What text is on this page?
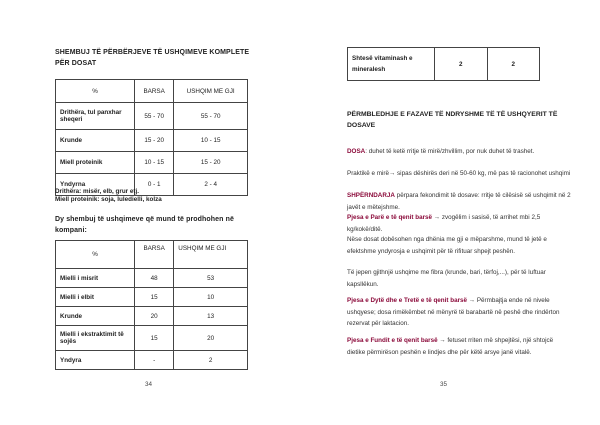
SHEMBUJ TË PËRBËRJEVE TË USHQIMEVE KOMPLETE PËR DOSAT
%	BARSA	USHQIM ME GJI
Drithëra, tul panxhar sheqeri	55 - 70	55 - 70
Krunde	15 - 20	10 - 15
Miell proteinik	10 - 15	15 - 20
Yndyrna	0 - 1	2 - 4
Drithëra: misër, elb, grur etj.
Miell proteinik: soja, luledielli, kolza
Dy shembuj të ushqimeve që mund të prodhohen në kompani:
%	BARSA	USHQIM ME GJI
Mielli i misrit	48	53
Mielli i elbit	15	10
Krunde	20	13
Mielli i ekstraktimit të sojës	15	20
Yndyra	-	2
34
Shtesë vitaminash e mineralesh	2	2
PËRMBLEDHJE E FAZAVE TË NDRYSHME TË TË USHQYERIT TË DOSAVE
DOSA: duhet të ketë rritje të mirë/zhvillim, por nuk duhet të trashet.
Praktikë e mirë→ sipas dëshirës deri në 50-60 kg, më pas të racionohet ushqimi
SHPËRNDARJA përpara fekondimit të dosave: rritje të cilësisë së ushqimit në 2 javët e mëtejshme.
Pjesa e Parë e të qenit barsë → zvogëlim i sasisë, të arrihet mbi 2,5 kg/kokë/ditë.
Nëse dosat dobësohen nga dhënia me gji e mëparshme, mund të jetë e efektshme yndyrosja e ushqimit për të rifituar shpejt peshën.
Të jepen gjithnjë ushqime me fibra (krunde, bari, tërfoj,...), për të luftuar kapsllëkun.
Pjesa e Dytë dhe e Tretë e të qenit barsë → Përmbajtja ende në nivele ushqyese; dosa rimëkëmbet në mënyrë të barabartë në peshë dhe rindërton rezervat për laktacion.
Pjesa e Fundit e të qenit barsë → fetuset rriten më shpejtësi, një shtojcë dietike përmirëson peshën e lindjes dhe për këtë arsye janë vitalë.
35
